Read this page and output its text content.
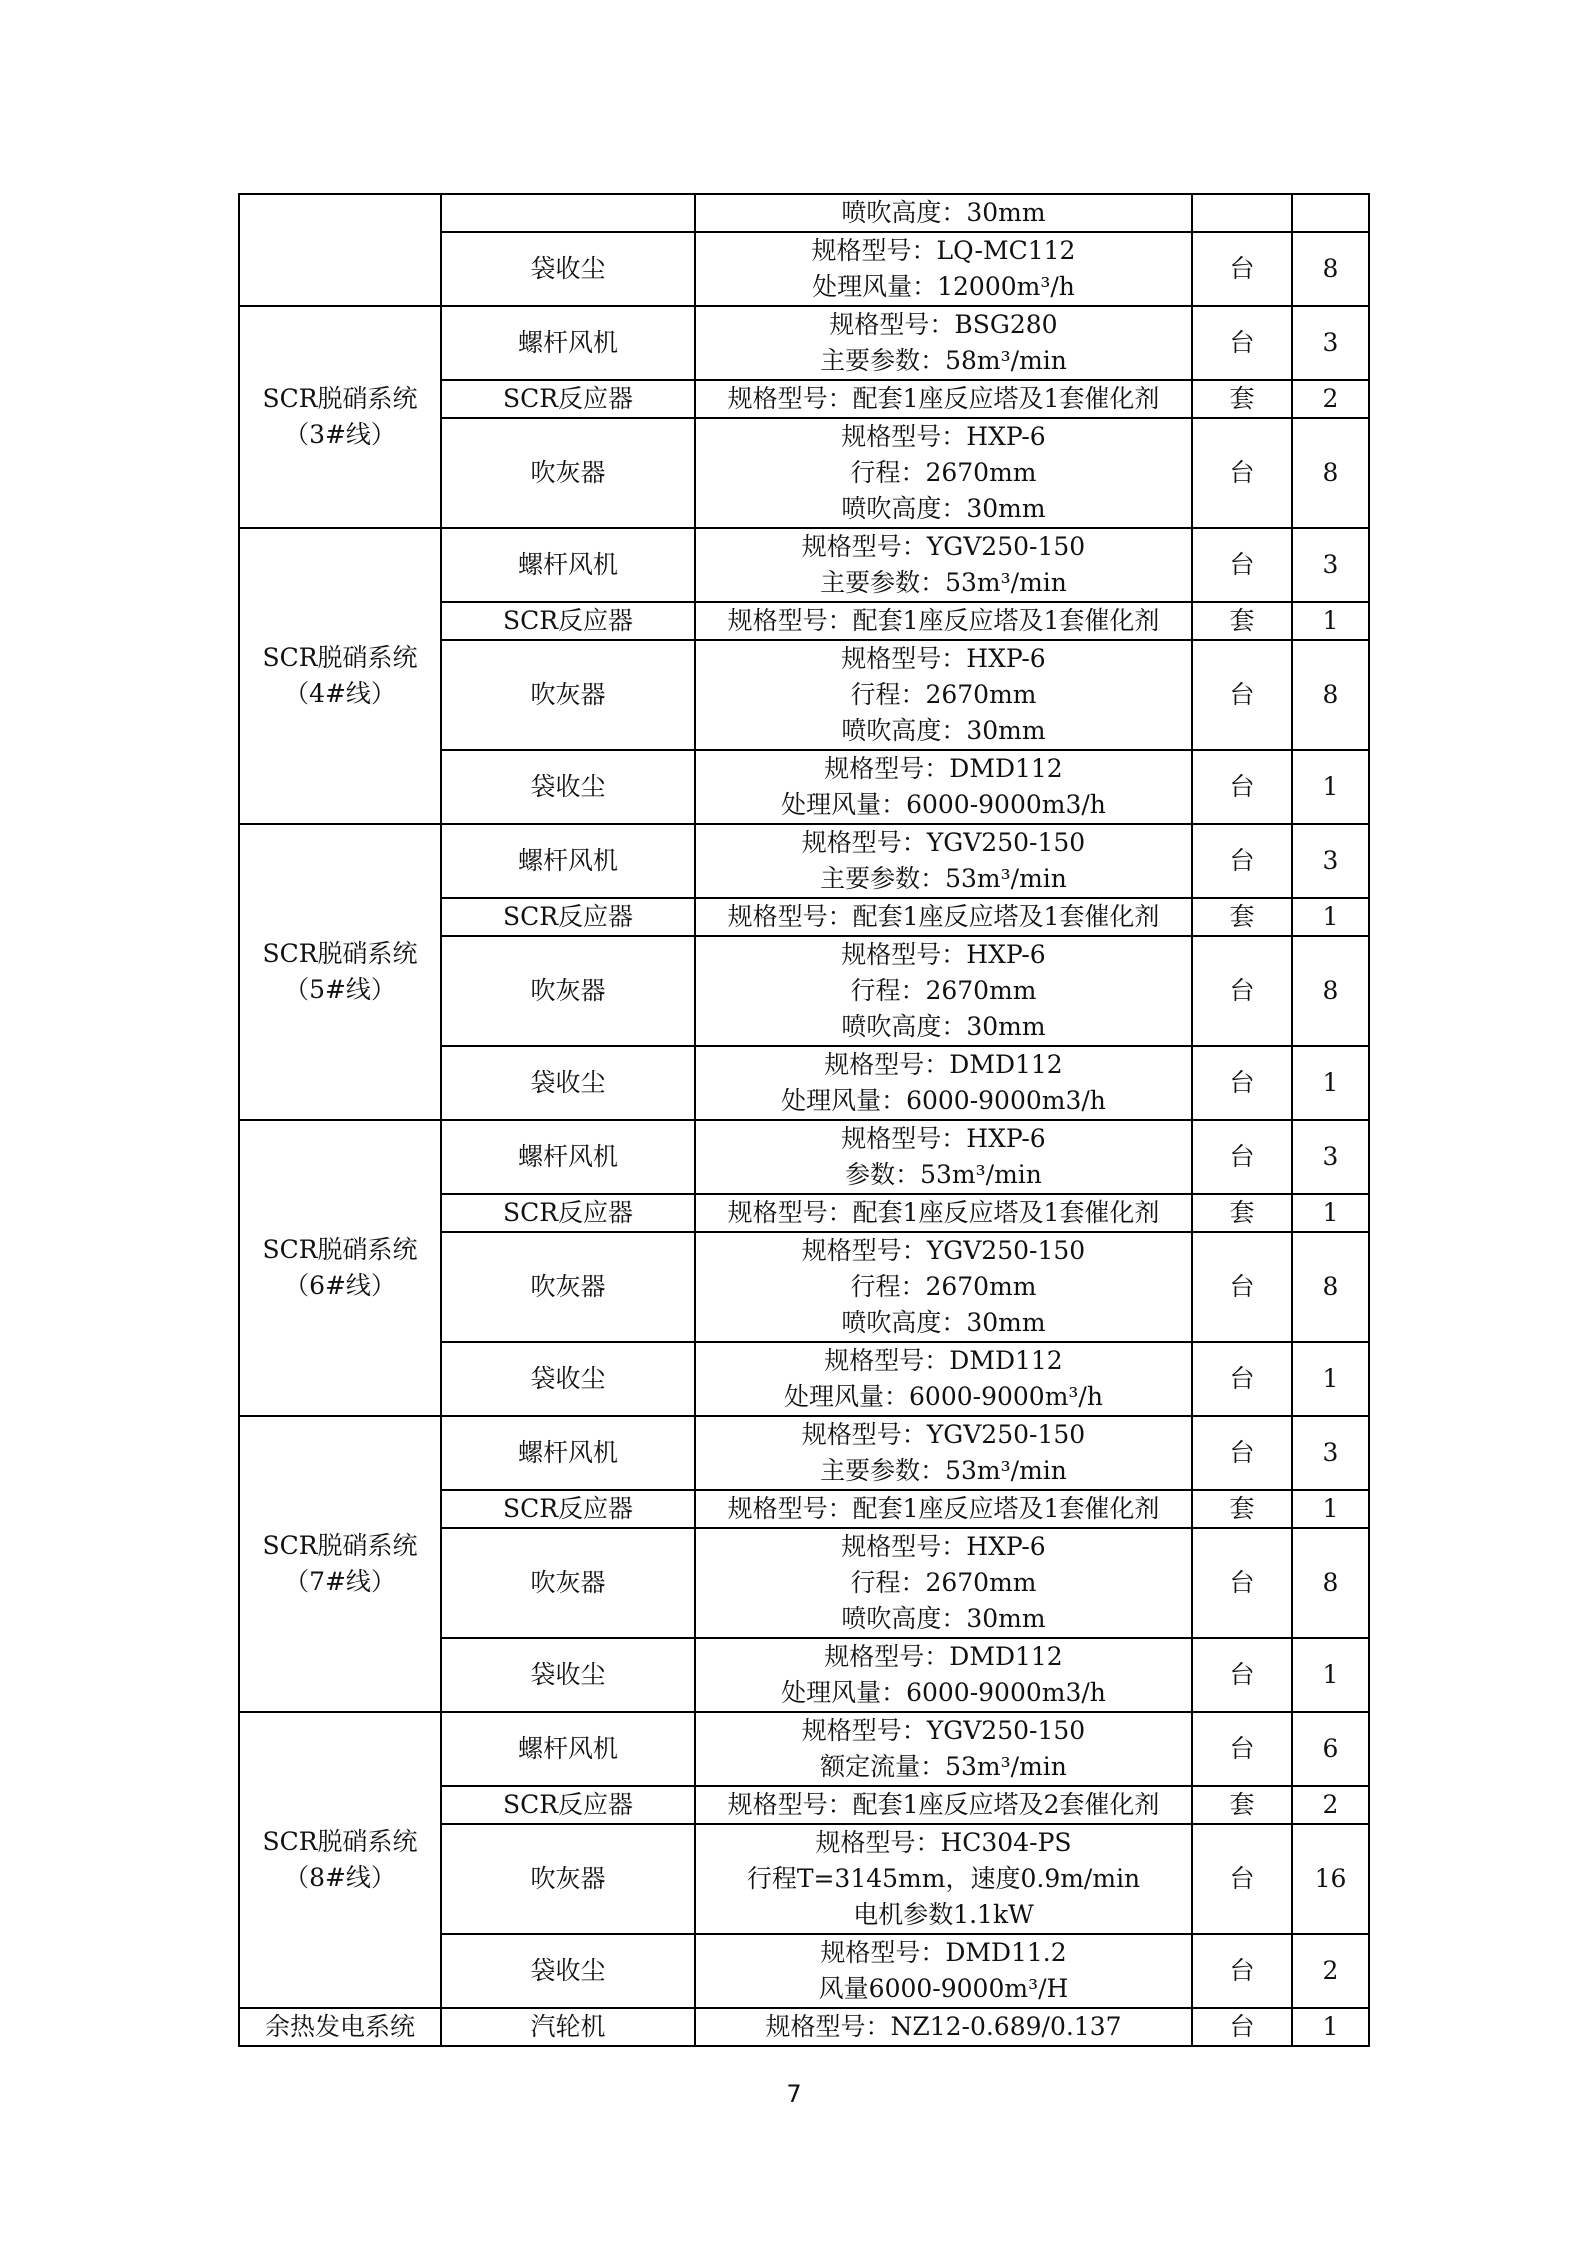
		喷吹高度：30mm		

	袋收尘	规格型号：LQ-MC112
处理风量：12000m³/h	台	8

SCR脱硝系统
（3#线）	螺杆风机	规格型号：BSG280
主要参数：58m³/min	台	3
	SCR反应器	规格型号：配套1座反应塔及1套催化剂	套	2
	吹灰器	规格型号：HXP-6
行程：2670mm
喷吹高度：30mm	台	8

SCR脱硝系统
（4#线）	螺杆风机	规格型号：YGV250-150
主要参数：53m³/min	台	3
	SCR反应器	规格型号：配套1座反应塔及1套催化剂	套	1
	吹灰器	规格型号：HXP-6
行程：2670mm
喷吹高度：30mm	台	8
	袋收尘	规格型号：DMD112
处理风量：6000-9000m3/h	台	1

SCR脱硝系统
（5#线）	螺杆风机	规格型号：YGV250-150
主要参数：53m³/min	台	3
	SCR反应器	规格型号：配套1座反应塔及1套催化剂	套	1
	吹灰器	规格型号：HXP-6
行程：2670mm
喷吹高度：30mm	台	8
	袋收尘	规格型号：DMD112
处理风量：6000-9000m3/h	台	1

SCR脱硝系统
（6#线）	螺杆风机	规格型号：HXP-6
参数：53m³/min	台	3
	SCR反应器	规格型号：配套1座反应塔及1套催化剂	套	1
	吹灰器	规格型号：YGV250-150
行程：2670mm
喷吹高度：30mm	台	8
	袋收尘	规格型号：DMD112
处理风量：6000-9000m³/h	台	1

SCR脱硝系统
（7#线）	螺杆风机	规格型号：YGV250-150
主要参数：53m³/min	台	3
	SCR反应器	规格型号：配套1座反应塔及1套催化剂	套	1
	吹灰器	规格型号：HXP-6
行程：2670mm
喷吹高度：30mm	台	8
	袋收尘	规格型号：DMD112
处理风量：6000-9000m3/h	台	1

SCR脱硝系统
（8#线）	螺杆风机	规格型号：YGV250-150
额定流量：53m³/min	台	6
	SCR反应器	规格型号：配套1座反应塔及2套催化剂	套	2
	吹灰器	规格型号：HC304-PS
行程T=3145mm，速度0.9m/min
电机参数1.1kW	台	16
	袋收尘	规格型号：DMD11.2
风量6000-9000m³/H	台	2

余热发电系统	汽轮机	规格型号：NZ12-0.689/0.137	台	1
7
